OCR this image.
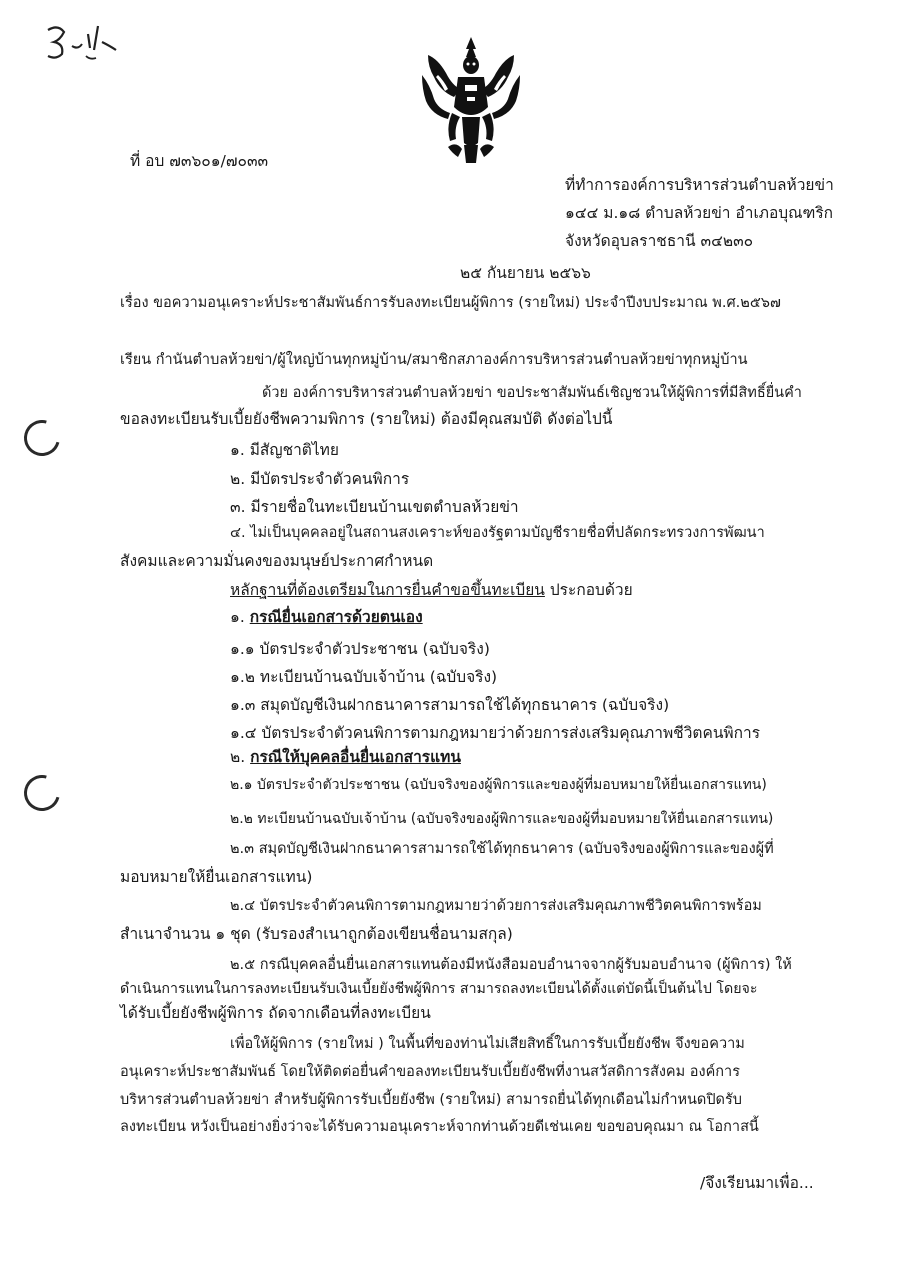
ที่ อบ ๗๓๖๐๑/๗๐๓๓
ที่ทำการองค์การบริหารส่วนตำบลห้วยข่า
๑๔๔ ม.๑๘ ตำบลห้วยข่า อำเภอบุณฑริก
จังหวัดอุบลราชธานี ๓๔๒๓๐
๒๕ กันยายน ๒๕๖๖
เรื่อง ขอความอนุเคราะห์ประชาสัมพันธ์การรับลงทะเบียนผู้พิการ (รายใหม่) ประจำปีงบประมาณ พ.ศ.๒๕๖๗
เรียน กำนันตำบลห้วยข่า/ผู้ใหญ่บ้านทุกหมู่บ้าน/สมาชิกสภาองค์การบริหารส่วนตำบลห้วยข่าทุกหมู่บ้าน
ด้วย องค์การบริหารส่วนตำบลห้วยข่า ขอประชาสัมพันธ์เชิญชวนให้ผู้พิการที่มีสิทธิ์ยื่นคำ
ขอลงทะเบียนรับเบี้ยยังชีพความพิการ (รายใหม่) ต้องมีคุณสมบัติ ดังต่อไปนี้
๑. มีสัญชาติไทย
๒. มีบัตรประจำตัวคนพิการ
๓. มีรายชื่อในทะเบียนบ้านเขตตำบลห้วยข่า
๔. ไม่เป็นบุคคลอยู่ในสถานสงเคราะห์ของรัฐตามบัญชีรายชื่อที่ปลัดกระทรวงการพัฒนา
สังคมและความมั่นคงของมนุษย์ประกาศกำหนด
หลักฐานที่ต้องเตรียมในการยื่นคำขอขึ้นทะเบียน ประกอบด้วย
๑. กรณียื่นเอกสารด้วยตนเอง
๑.๑ บัตรประจำตัวประชาชน (ฉบับจริง)
๑.๒ ทะเบียนบ้านฉบับเจ้าบ้าน (ฉบับจริง)
๑.๓ สมุดบัญชีเงินฝากธนาคารสามารถใช้ได้ทุกธนาคาร (ฉบับจริง)
๑.๔ บัตรประจำตัวคนพิการตามกฎหมายว่าด้วยการส่งเสริมคุณภาพชีวิตคนพิการ
๒. กรณีให้บุคคลอื่นยื่นเอกสารแทน
๒.๑ บัตรประจำตัวประชาชน (ฉบับจริงของผู้พิการและของผู้ที่มอบหมายให้ยื่นเอกสารแทน)
๒.๒ ทะเบียนบ้านฉบับเจ้าบ้าน (ฉบับจริงของผู้พิการและของผู้ที่มอบหมายให้ยื่นเอกสารแทน)
๒.๓ สมุดบัญชีเงินฝากธนาคารสามารถใช้ได้ทุกธนาคาร (ฉบับจริงของผู้พิการและของผู้ที่
มอบหมายให้ยื่นเอกสารแทน)
๒.๔ บัตรประจำตัวคนพิการตามกฎหมายว่าด้วยการส่งเสริมคุณภาพชีวิตคนพิการพร้อม
สำเนาจำนวน ๑ ชุด (รับรองสำเนาถูกต้องเขียนชื่อนามสกุล)
๒.๕ กรณีบุคคลอื่นยื่นเอกสารแทนต้องมีหนังสือมอบอำนาจจากผู้รับมอบอำนาจ (ผู้พิการ) ให้
ดำเนินการแทนในการลงทะเบียนรับเงินเบี้ยยังชีพผู้พิการ สามารถลงทะเบียนได้ตั้งแต่บัดนี้เป็นต้นไป โดยจะ
ได้รับเบี้ยยังชีพผู้พิการ ถัดจากเดือนที่ลงทะเบียน
เพื่อให้ผู้พิการ (รายใหม่ ) ในพื้นที่ของท่านไม่เสียสิทธิ์ในการรับเบี้ยยังชีพ จึงขอความ
อนุเคราะห์ประชาสัมพันธ์ โดยให้ติดต่อยื่นคำขอลงทะเบียนรับเบี้ยยังชีพที่งานสวัสดิการสังคม องค์การ
บริหารส่วนตำบลห้วยข่า สำหรับผู้พิการรับเบี้ยยังชีพ (รายใหม่) สามารถยื่นได้ทุกเดือนไม่กำหนดปิดรับ
ลงทะเบียน หวังเป็นอย่างยิ่งว่าจะได้รับความอนุเคราะห์จากท่านด้วยดีเช่นเคย ขอขอบคุณมา ณ โอกาสนี้
/จึงเรียนมาเพื่อ...
